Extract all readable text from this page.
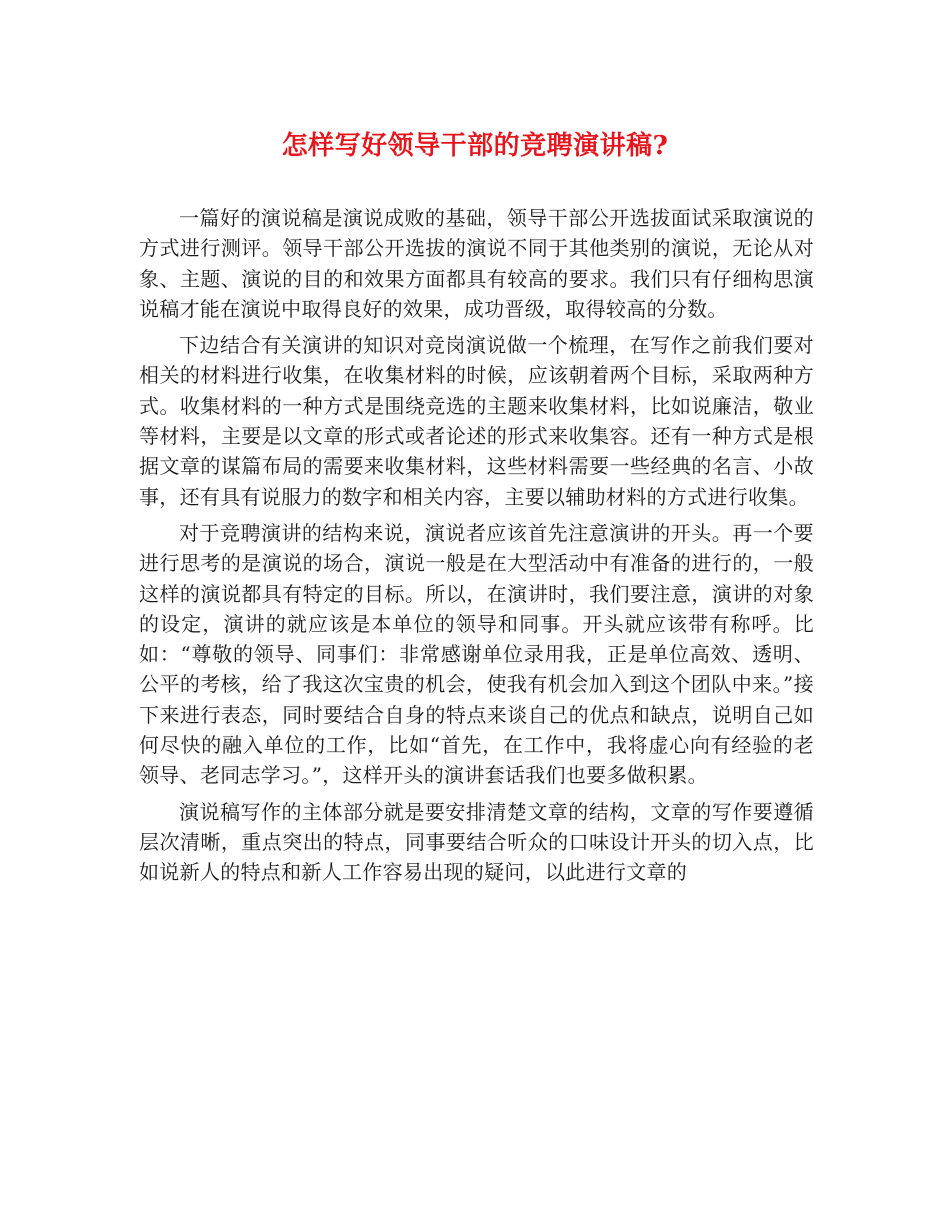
怎样写好领导干部的竞聘演讲稿?

一篇好的演说稿是演说成败的基础，领导干部公开选拔面试采取演说的方式进行测评。领导干部公开选拔的演说不同于其他类别的演说，无论从对象、主题、演说的目的和效果方面都具有较高的要求。我们只有仔细构思演说稿才能在演说中取得良好的效果，成功晋级，取得较高的分数。

下边结合有关演讲的知识对竞岗演说做一个梳理，在写作之前我们要对相关的材料进行收集，在收集材料的时候，应该朝着两个目标，采取两种方式。收集材料的一种方式是围绕竞选的主题来收集材料，比如说廉洁，敬业等材料，主要是以文章的形式或者论述的形式来收集容。还有一种方式是根据文章的谋篇布局的需要来收集材料，这些材料需要一些经典的名言、小故事，还有具有说服力的数字和相关内容，主要以辅助材料的方式进行收集。

对于竞聘演讲的结构来说，演说者应该首先注意演讲的开头。再一个要进行思考的是演说的场合，演说一般是在大型活动中有准备的进行的，一般这样的演说都具有特定的目标。所以，在演讲时，我们要注意，演讲的对象的设定，演讲的就应该是本单位的领导和同事。开头就应该带有称呼。比如：“尊敬的领导、同事们：非常感谢单位录用我，正是单位高效、透明、公平的考核，给了我这次宝贵的机会，使我有机会加入到这个团队中来。”接下来进行表态，同时要结合自身的特点来谈自己的优点和缺点，说明自己如何尽快的融入单位的工作，比如“首先，在工作中，我将虚心向有经验的老领导、老同志学习。”，这样开头的演讲套话我们也要多做积累。

演说稿写作的主体部分就是要安排清楚文章的结构，文章的写作要遵循层次清晰，重点突出的特点，同事要结合听众的口味设计开头的切入点，比如说新人的特点和新人工作容易出现的疑问，以此进行文章的
